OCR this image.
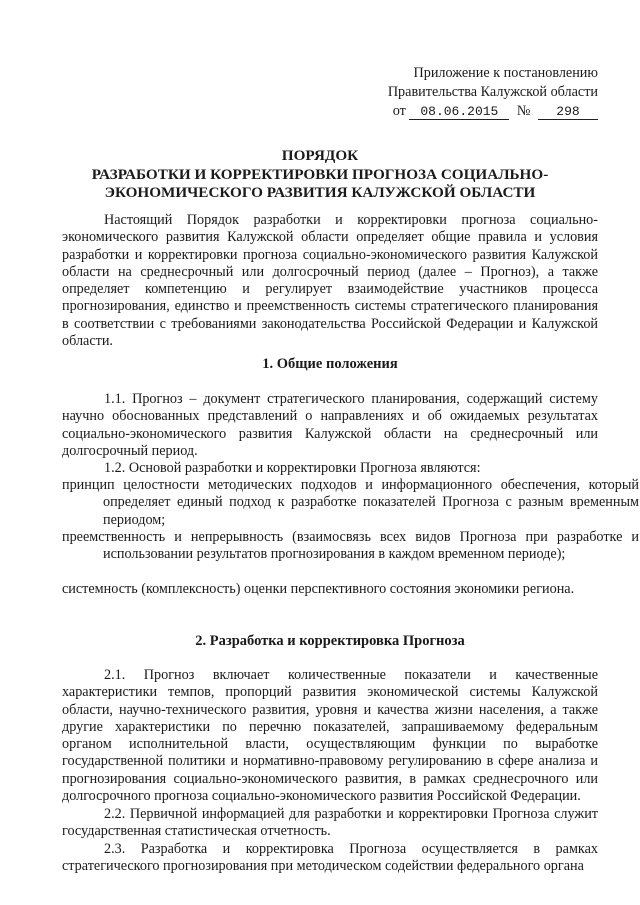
Приложение к постановлению
Правительства Калужской области
от 08.06.2015 № 298
ПОРЯДОК
РАЗРАБОТКИ И КОРРЕКТИРОВКИ ПРОГНОЗА СОЦИАЛЬНО-
ЭКОНОМИЧЕСКОГО РАЗВИТИЯ КАЛУЖСКОЙ ОБЛАСТИ
Настоящий Порядок разработки и корректировки прогноза социально-экономического развития Калужской области определяет общие правила и условия разработки и корректировки прогноза социально-экономического развития Калужской области на среднесрочный или долгосрочный период (далее – Прогноз), а также определяет компетенцию и регулирует взаимодействие участников процесса прогнозирования, единство и преемственность системы стратегического планирования в соответствии с требованиями законодательства Российской Федерации и Калужской области.
1. Общие положения
1.1. Прогноз – документ стратегического планирования, содержащий систему научно обоснованных представлений о направлениях и об ожидаемых результатах социально-экономического развития Калужской области на среднесрочный или долгосрочный период.
1.2. Основой разработки и корректировки Прогноза являются:
принцип целостности методических подходов и информационного обеспечения, который определяет единый подход к разработке показателей Прогноза с разным временным периодом;
преемственность и непрерывность (взаимосвязь всех видов Прогноза при разработке и использовании результатов прогнозирования в каждом временном периоде);
системность (комплексность) оценки перспективного состояния экономики региона.
2. Разработка и корректировка Прогноза
2.1. Прогноз включает количественные показатели и качественные характеристики темпов, пропорций развития экономической системы Калужской области, научно-технического развития, уровня и качества жизни населения, а также другие характеристики по перечню показателей, запрашиваемому федеральным органом исполнительной власти, осуществляющим функции по выработке государственной политики и нормативно-правовому регулированию в сфере анализа и прогнозирования социально-экономического развития, в рамках среднесрочного или долгосрочного прогноза социально-экономического развития Российской Федерации.
2.2. Первичной информацией для разработки и корректировки Прогноза служит государственная статистическая отчетность.
2.3. Разработка и корректировка Прогноза осуществляется в рамках стратегического прогнозирования при методическом содействии федерального органа
